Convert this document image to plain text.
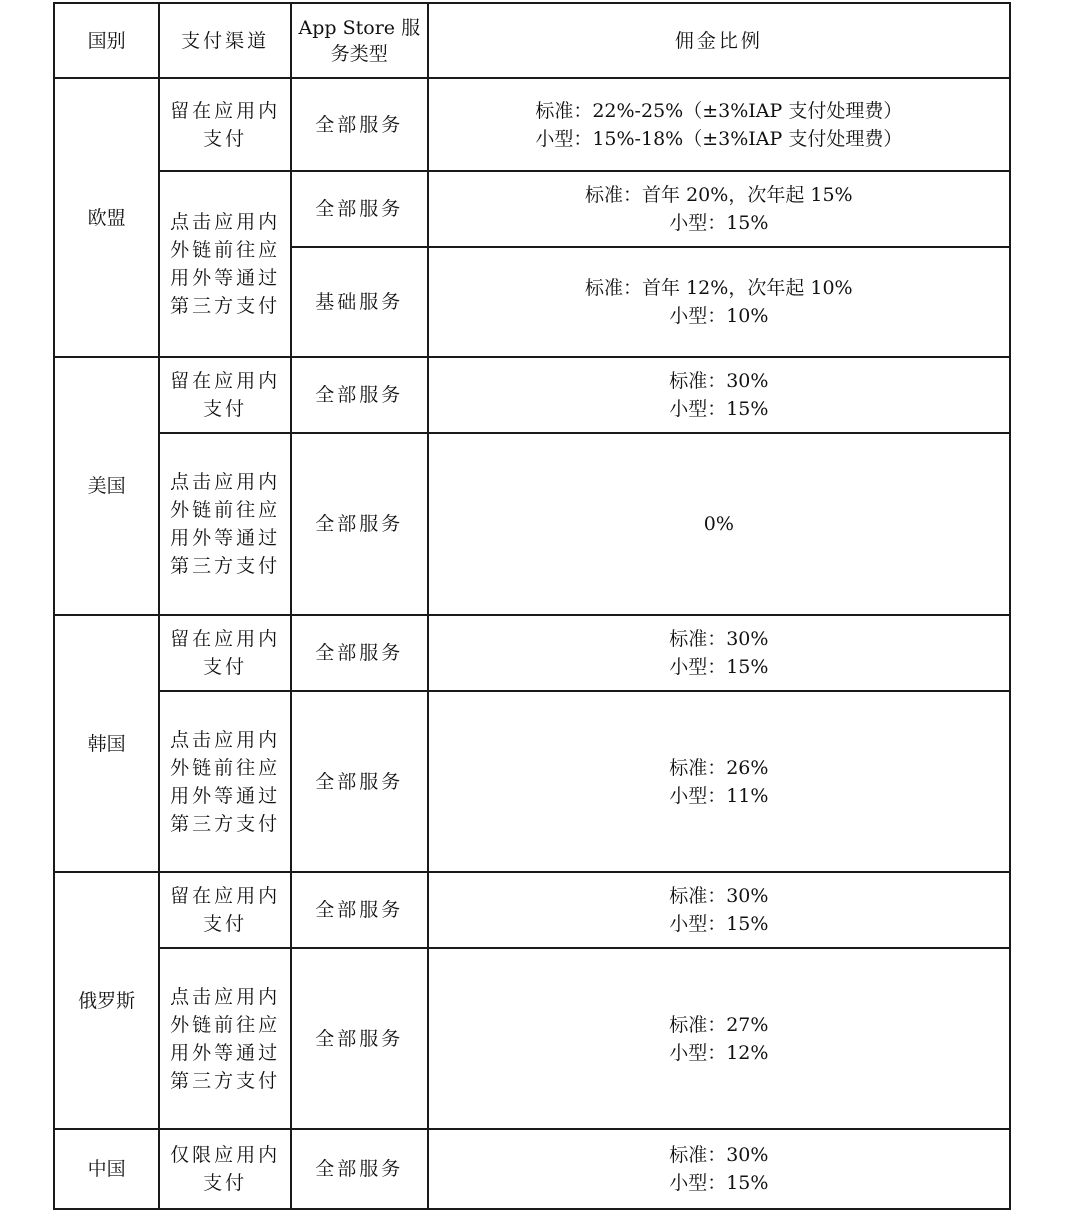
国别	支付渠道	App Store 服务类型	佣金比例
欧盟	留在应用内支付	全部服务	标准：22%-25%（±3%IAP 支付处理费）
小型：15%-18%（±3%IAP 支付处理费）

	点击应用内外链前往应用外等通过第三方支付	全部服务	标准：首年 20%，次年起 15%
小型：15%

		基础服务	标准：首年 12%，次年起 10%
小型：10%

美国	留在应用内支付	全部服务	标准：30%
小型：15%

	点击应用内外链前往应用外等通过第三方支付	全部服务	0%

韩国	留在应用内支付	全部服务	标准：30%
小型：15%

	点击应用内外链前往应用外等通过第三方支付	全部服务	标准：26%
小型：11%

俄罗斯	留在应用内支付	全部服务	标准：30%
小型：15%

	点击应用内外链前往应用外等通过第三方支付	全部服务	标准：27%
小型：12%

中国	仅限应用内支付	全部服务	标准：30%
小型：15%
